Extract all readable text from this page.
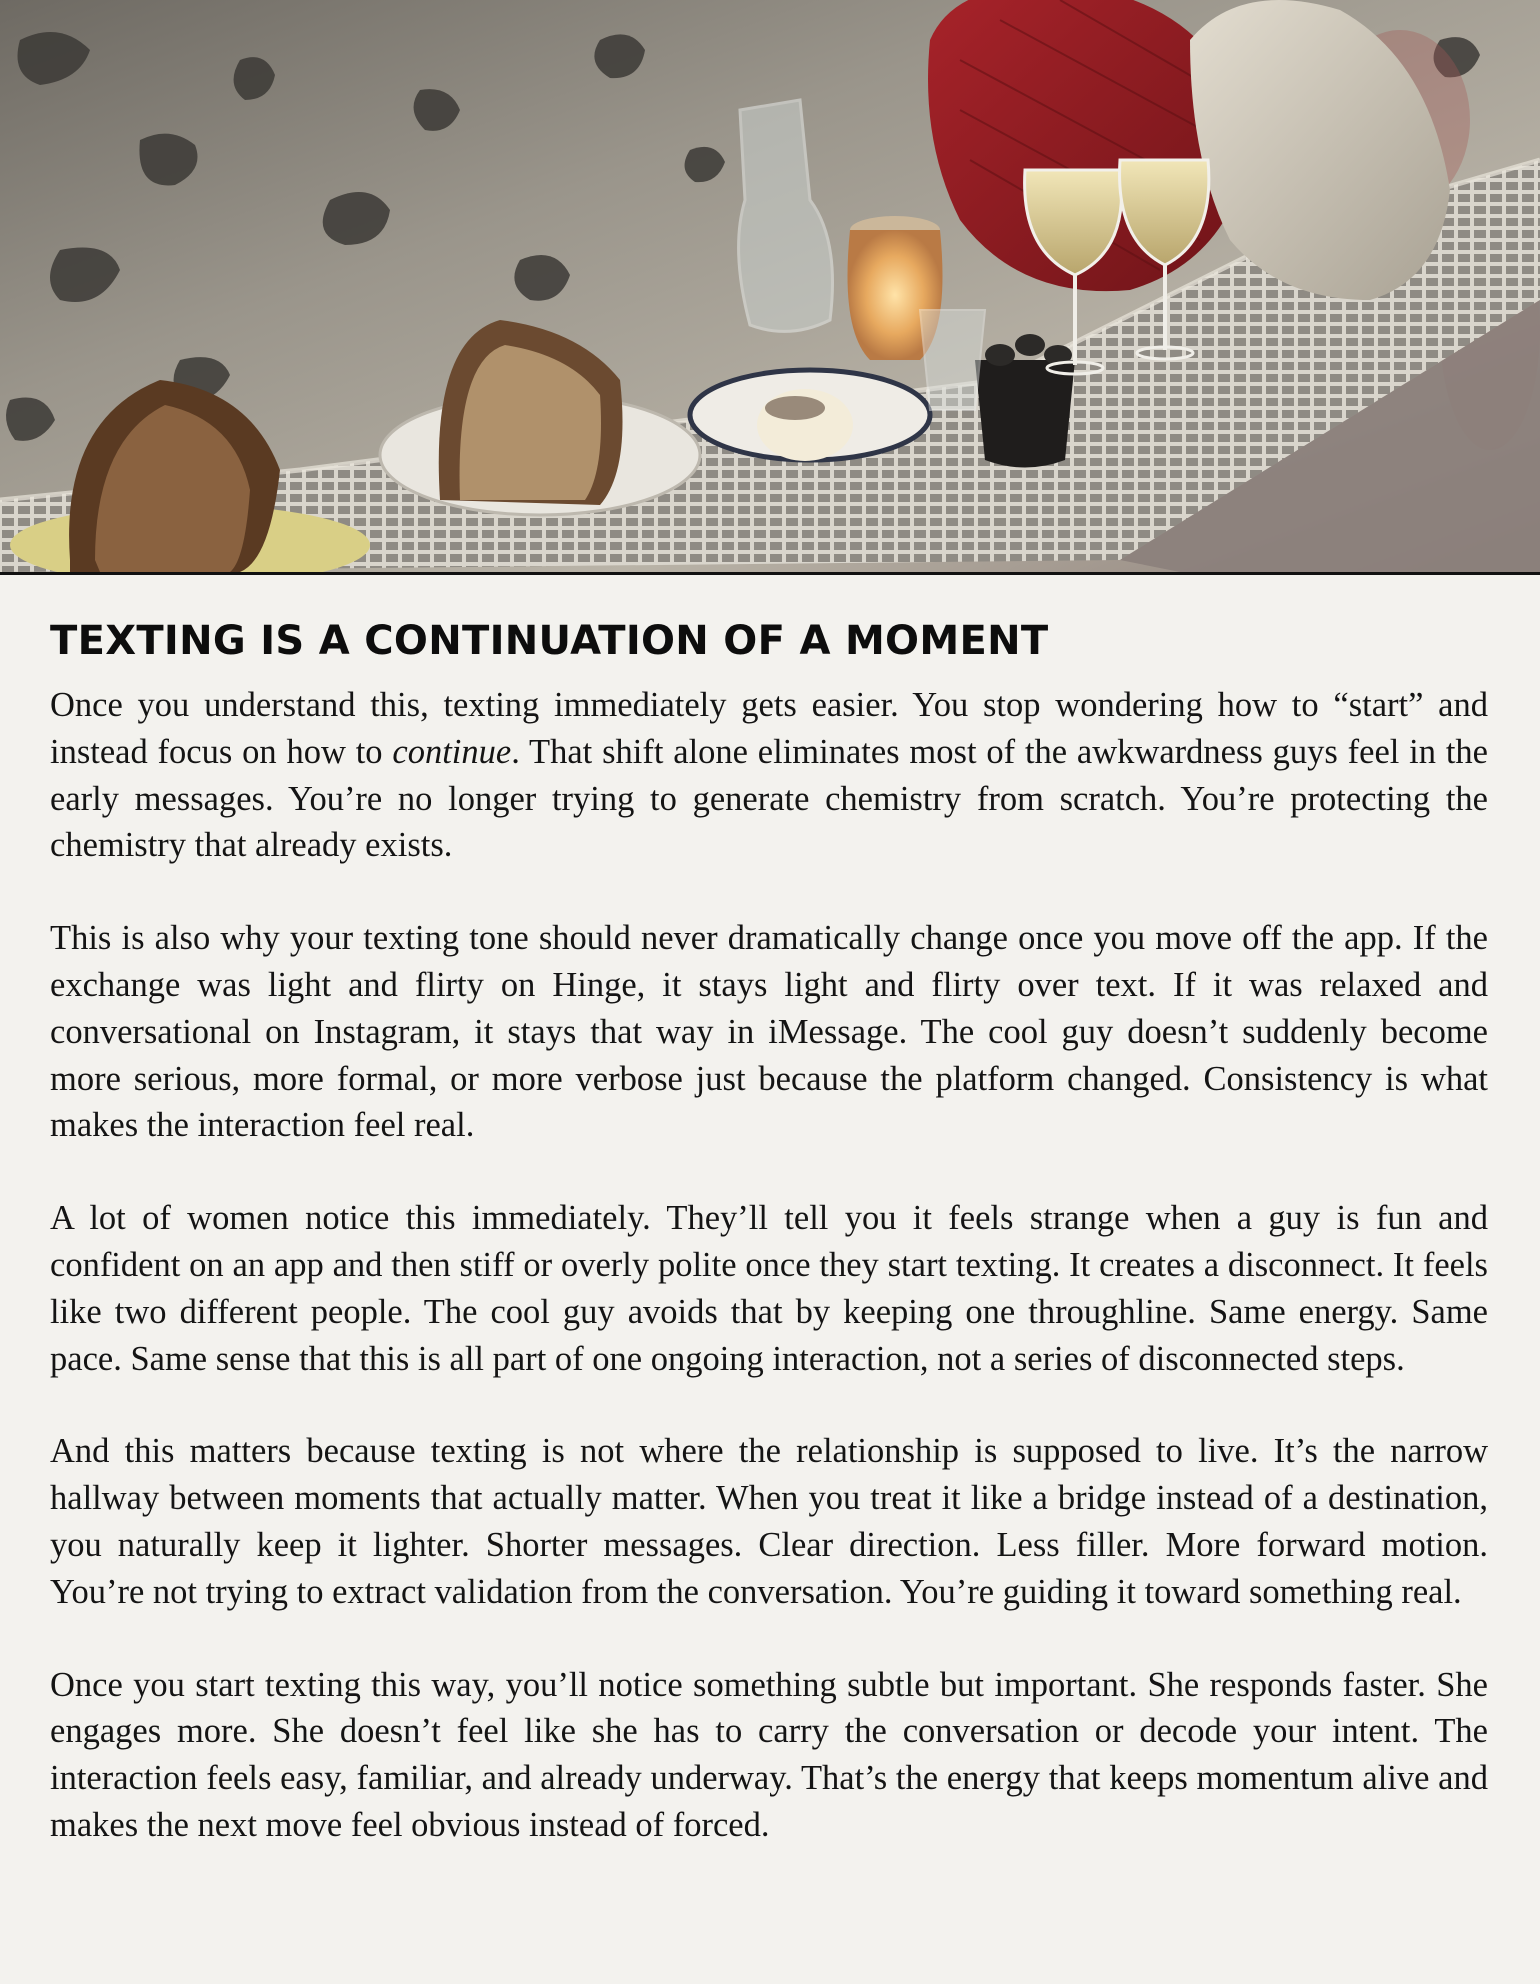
TEXTING IS A CONTINUATION OF A MOMENT

Once you understand this, texting immediately gets easier. You stop wondering how to “start” and instead focus on how to continue. That shift alone eliminates most of the awkwardness guys feel in the early messages. You’re no longer trying to generate chemistry from scratch. You’re protecting the chemistry that already exists.

This is also why your texting tone should never dramatically change once you move off the app. If the exchange was light and flirty on Hinge, it stays light and flirty over text. If it was relaxed and conversational on Instagram, it stays that way in iMessage. The cool guy doesn’t suddenly become more serious, more formal, or more verbose just because the platform changed. Consistency is what makes the interaction feel real.

A lot of women notice this immediately. They’ll tell you it feels strange when a guy is fun and confident on an app and then stiff or overly polite once they start texting. It creates a disconnect. It feels like two different people. The cool guy avoids that by keeping one throughline. Same energy. Same pace. Same sense that this is all part of one ongoing interaction, not a series of disconnected steps.

And this matters because texting is not where the relationship is supposed to live. It’s the narrow hallway between moments that actually matter. When you treat it like a bridge instead of a destination, you naturally keep it lighter. Shorter messages. Clear direction. Less filler. More forward motion. You’re not trying to extract validation from the conversation. You’re guiding it toward something real.

Once you start texting this way, you’ll notice something subtle but important. She responds faster. She engages more. She doesn’t feel like she has to carry the conversation or decode your intent. The interaction feels easy, familiar, and already underway. That’s the energy that keeps momentum alive and makes the next move feel obvious instead of forced.
